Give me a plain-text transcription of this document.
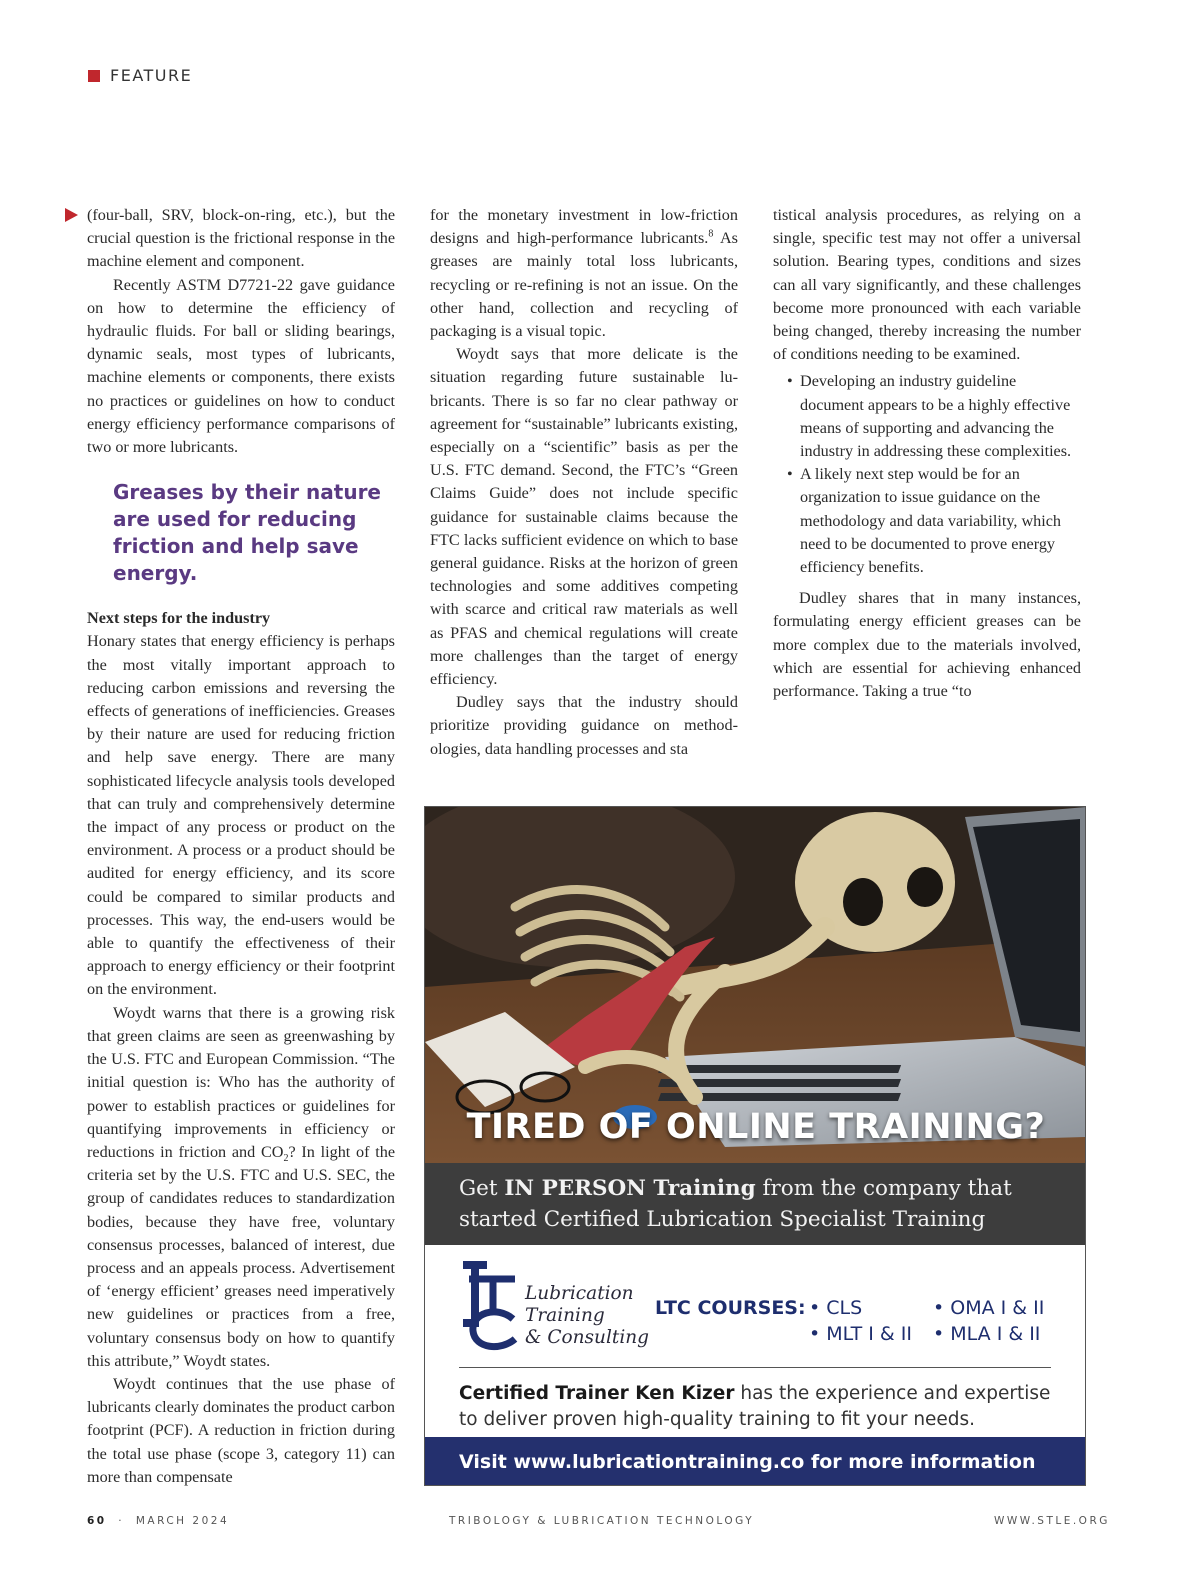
FEATURE

(four-ball, SRV, block-on-ring, etc.), but the crucial question is the frictional response in the machine element and component.

Recently ASTM D7721-22 gave guidance on how to determine the efficiency of hydraulic fluids. For ball or sliding bearings, dynamic seals, most types of lubricants, machine elements or components, there exists no practices or guidelines on how to conduct energy efficiency performance comparisons of two or more lubricants.

Greases by their nature are used for reducing friction and help save energy.

Next steps for the industry

Honary states that energy efficiency is perhaps the most vitally important approach to reducing carbon emissions and reversing the effects of generations of inefficiencies. Greases by their nature are used for reducing friction and help save energy. There are many sophisticated lifecycle analysis tools developed that can truly and comprehensively determine the impact of any process or product on the environment. A process or a product should be audited for energy efficiency, and its score could be compared to similar products and processes. This way, the end-users would be able to quantify the effectiveness of their approach to energy efficiency or their footprint on the environment.

Woydt warns that there is a growing risk that green claims are seen as greenwashing by the U.S. FTC and European Commission. “The initial question is: Who has the authority of power to establish practices or guidelines for quantifying improvements in efficiency or reductions in friction and $CO_2$? In light of the criteria set by the U.S. FTC and U.S. SEC, the group of candidates reduces to standardization bodies, because they have free, voluntary consensus processes, balanced of interest, due process and an appeals process. Advertisement of ‘energy efficient’ greases need imperatively new guidelines or practices from a free, voluntary consensus body on how to quantify this attribute,” Woydt states.

Woydt continues that the use phase of lubricants clearly dominates the product carbon footprint (PCF). A reduction in friction during the total use phase (scope 3, category 11) can more than compensate

for the monetary investment in low-friction designs and high-performance lubricants.$^8$ As greases are mainly total loss lubricants, recycling or re-refining is not an issue. On the other hand, collection and recycling of packaging is a visual topic.

Woydt says that more delicate is the situation regarding future sustainable lubricants. There is so far no clear pathway or agreement for “sustainable” lubricants existing, especially on a “scientific” basis as per the U.S. FTC demand. Second, the FTC’s “Green Claims Guide” does not include specific guidance for sustainable claims because the FTC lacks sufficient evidence on which to base general guidance. Risks at the horizon of green technologies and some additives competing with scarce and critical raw materials as well as PFAS and chemical regulations will create more challenges than the target of energy efficiency.

Dudley says that the industry should prioritize providing guidance on methodologies, data handling processes and sta

tistical analysis procedures, as relying on a single, specific test may not offer a universal solution. Bearing types, conditions and sizes can all vary significantly, and these challenges become more pronounced with each variable being changed, thereby increasing the number of conditions needing to be examined.

• Developing an industry guideline document appears to be a highly effective means of supporting and advancing the industry in addressing these complexities.
• A likely next step would be for an organization to issue guidance on the methodology and data variability, which need to be documented to prove energy efficiency benefits.

Dudley shares that in many instances, formulating energy efficient greases can be more complex due to the materials involved, which are essential for achieving enhanced performance. Taking a true “to

TIRED OF ONLINE TRAINING?
Get IN PERSON Training from the company that
started Certified Lubrication Specialist Training
Lubrication
Training
& Consulting
LTC COURSES: • CLS	• OMA I & II
• MLT I & II • MLA I & II
Certified Trainer Ken Kizer has the experience and expertise to deliver proven high-quality training to fit your needs.
Visit www.lubricationtraining.co for more information
60  ·  MARCH 2024	TRIBOLOGY & LUBRICATION TECHNOLOGY	WWW.STLE.ORG
